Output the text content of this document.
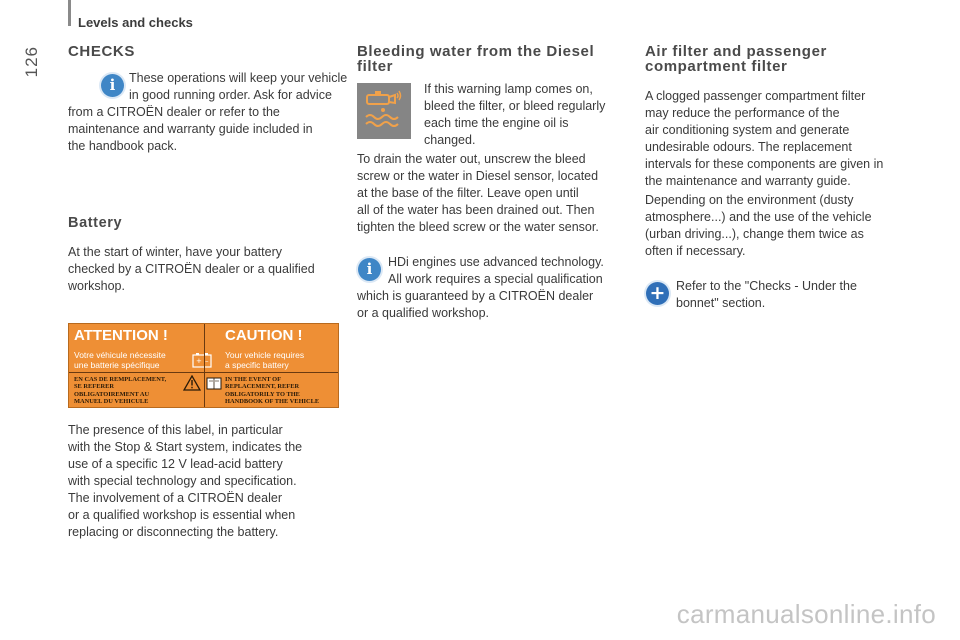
Levels and checks
126 CHECKS
i	These operations will keep your vehicle
in good running order. Ask for advice
from a CITROËN dealer or refer to the
maintenance and warranty guide included in
the handbook pack.
Battery
At the start of winter, have your battery
checked by a CITROËN dealer or a qualified
workshop.
ATTENTION !
Votre véhicule nécessite
une batterie spécifique	+ –
EN CAS DE REMPLACEMENT,
SE REFERER
OBLIGATOIREMENT AU
MANUEL DU VEHICULE
CAUTION !
Your vehicle requires
a specific battery
IN THE EVENT OF
REPLACEMENT, REFER
OBLIGATORILY TO THE
HANDBOOK OF THE VEHICLE
The presence of this label, in particular
with the Stop & Start system, indicates the
use of a specific 12 V lead-acid battery
with special technology and specification.
The involvement of a CITROËN dealer
or a qualified workshop is essential when
replacing or disconnecting the battery.
Bleeding water from the Diesel
filter
If this warning lamp comes on,
bleed the filter, or bleed regularly
each time the engine oil is
changed.
To drain the water out, unscrew the bleed
screw or the water in Diesel sensor, located
at the base of the filter. Leave open until
all of the water has been drained out. Then
tighten the bleed screw or the water sensor.
i	HDi engines use advanced technology.
All work requires a special qualification
which is guaranteed by a CITROËN dealer
or a qualified workshop.
Air filter and passenger
compartment filter
A clogged passenger compartment filter
may reduce the performance of the
air conditioning system and generate
undesirable odours. The replacement
intervals for these components are given in
the maintenance and warranty guide.
Depending on the environment (dusty
atmosphere...) and the use of the vehicle
(urban driving...), change them twice as
often if necessary.
+ Refer to the "Checks - Under the
bonnet" section.
carmanualsonline.info
